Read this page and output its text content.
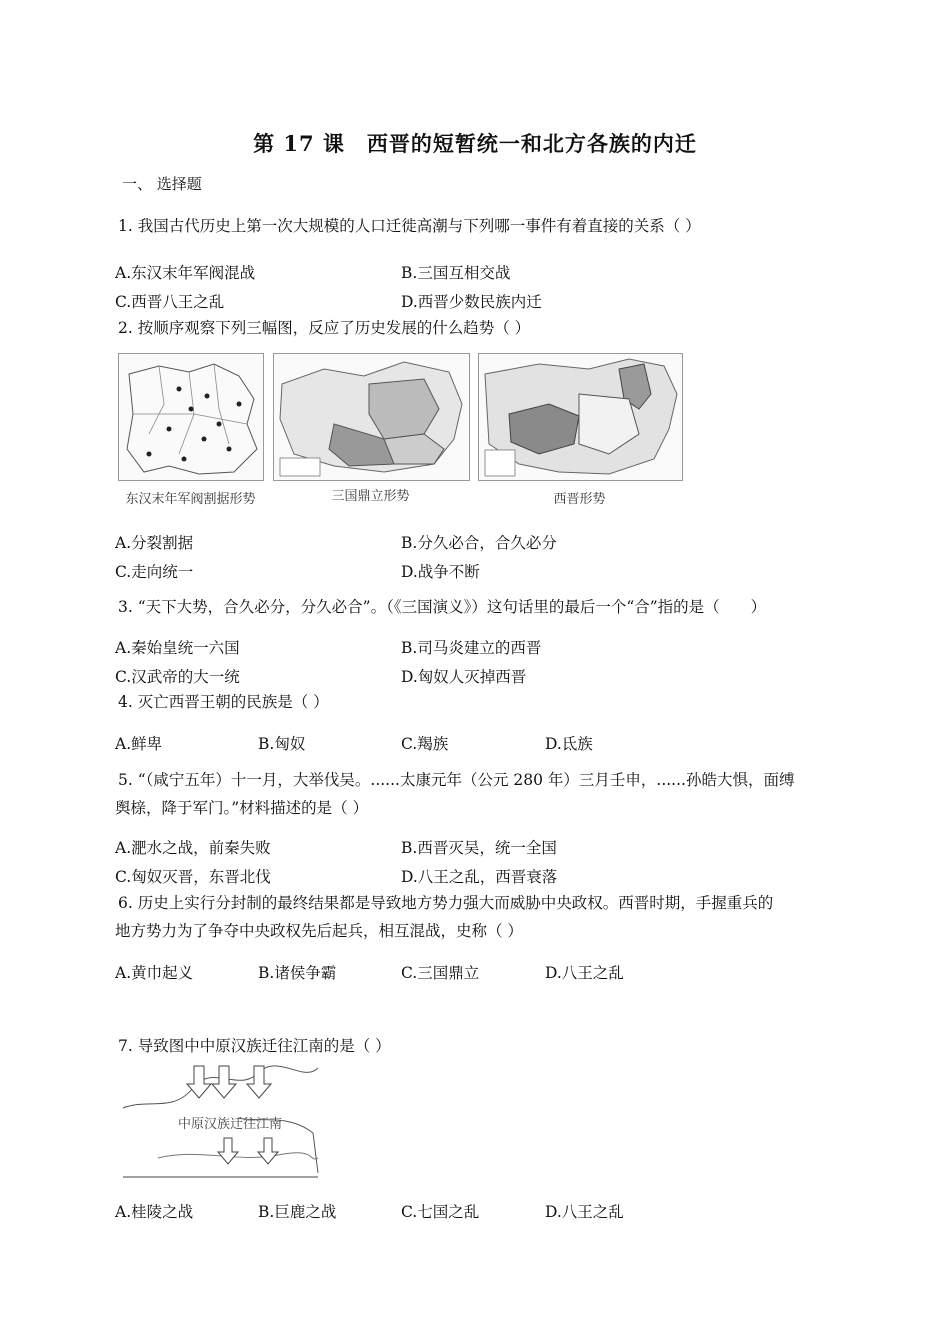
第 17 课　西晋的短暂统一和北方各族的内迁
一、 选择题
1. 我国古代历史上第一次大规模的人口迁徙高潮与下列哪一事件有着直接的关系（ ）
A.东汉末年军阀混战	B.三国互相交战
C.西晋八王之乱	D.西晋少数民族内迁
2. 按顺序观察下列三幅图，反应了历史发展的什么趋势（ ）
东汉末年军阀割据形势	三国鼎立形势	西晋形势
A.分裂割据	B.分久必合，合久必分
C.走向统一	D.战争不断
3. “天下大势，合久必分，分久必合”。（《三国演义》）这句话里的最后一个“合”指的是（　　）
A.秦始皇统一六国	B.司马炎建立的西晋
C.汉武帝的大一统	D.匈奴人灭掉西晋
4. 灭亡西晋王朝的民族是（ ）
A.鲜卑	B.匈奴	C.羯族	D.氐族
5. “（咸宁五年）十一月，大举伐吴。......太康元年（公元 280 年）三月壬申，......孙皓大惧，面缚
舆榇，降于军门。”材料描述的是（ ）
A.淝水之战，前秦失败	B.西晋灭吴，统一全国
C.匈奴灭晋，东晋北伐	D.八王之乱，西晋衰落
6. 历史上实行分封制的最终结果都是导致地方势力强大而威胁中央政权。西晋时期，手握重兵的
地方势力为了争夺中央政权先后起兵，相互混战，史称（ ）
A.黄巾起义	B.诸侯争霸	C.三国鼎立	D.八王之乱
7. 导致图中中原汉族迁往江南的是（ ）
中原汉族迁往江南
A.桂陵之战	B.巨鹿之战	C.七国之乱	D.八王之乱
